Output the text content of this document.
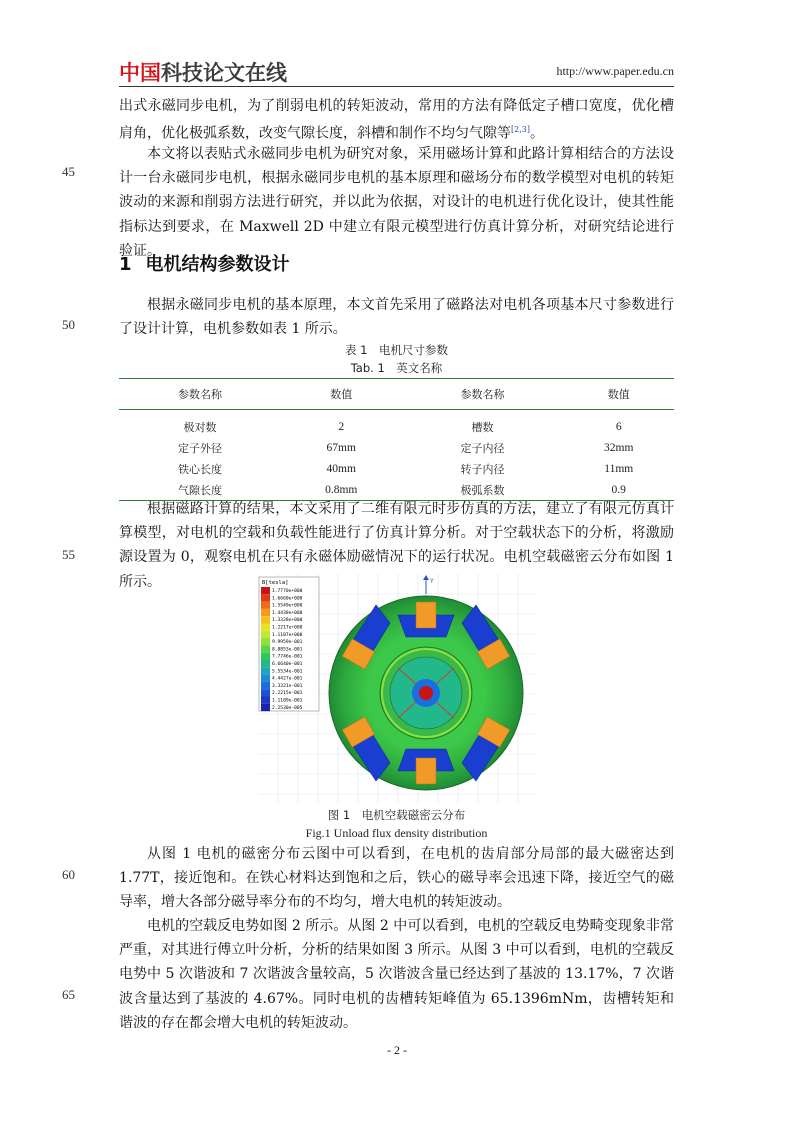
中国 科技论文在线	http://www.paper.edu.cn
45
50
55
60
65
出式永磁同步电机，为了削弱电机的转矩波动，常用的方法有降低定子槽口宽度，优化槽肩角，优化极弧系数，改变气隙长度，斜槽和制作不均匀气隙等[2,3]。
本文将以表贴式永磁同步电机为研究对象，采用磁场计算和此路计算相结合的方法设计一台永磁同步电机，根据永磁同步电机的基本原理和磁场分布的数学模型对电机的转矩波动的来源和削弱方法进行研究，并以此为依据，对设计的电机进行优化设计，使其性能指标达到要求，在 Maxwell 2D 中建立有限元模型进行仿真计算分析，对研究结论进行验证。
1 电机结构参数设计
根据永磁同步电机的基本原理，本文首先采用了磁路法对电机各项基本尺寸参数进行了设计计算，电机参数如表 1 所示。
表 1　电机尺寸参数
Tab. 1　英文名称
参数名称	数值	参数名称	数值

极对数	2	槽数	6
定子外径	67mm	定子内径	32mm
铁心长度	40mm	转子内径	11mm
气隙长度	0.8mm	极弧系数	0.9
根据磁路计算的结果，本文采用了二维有限元时步仿真的方法，建立了有限元仿真计算模型，对电机的空载和负载性能进行了仿真计算分析。对于空载状态下的分析，将激励源设置为 0，观察电机在只有永磁体励磁情况下的运行状况。电机空载磁密云分布如图 1 所示。	Y
B[tesla]
1.7770e+000
1.6660e+000
1.5549e+000
1.4438e+000
1.3328e+000
1.2217e+000
1.1107e+000
9.9959e-001
8.8853e-001
7.7746e-001
6.6640e-001
5.5534e-001
4.4427e-001
3.3321e-001
2.2215e-001
1.1109e-001
2.2530e-005
图 1　电机空载磁密云分布
Fig.1 Unload flux density distribution
从图 1 电机的磁密分布云图中可以看到，在电机的齿肩部分局部的最大磁密达到 1.77T，接近饱和。在铁心材料达到饱和之后，铁心的磁导率会迅速下降，接近空气的磁导率，增大各部分磁导率分布的不均匀，增大电机的转矩波动。
电机的空载反电势如图 2 所示。从图 2 中可以看到，电机的空载反电势畸变现象非常严重，对其进行傅立叶分析，分析的结果如图 3 所示。从图 3 中可以看到，电机的空载反电势中 5 次谐波和 7 次谐波含量较高，5 次谐波含量已经达到了基波的 13.17%，7 次谐波含量达到了基波的 4.67%。同时电机的齿槽转矩峰值为 65.1396mNm，齿槽转矩和谐波的存在都会增大电机的转矩波动。
- 2 -
